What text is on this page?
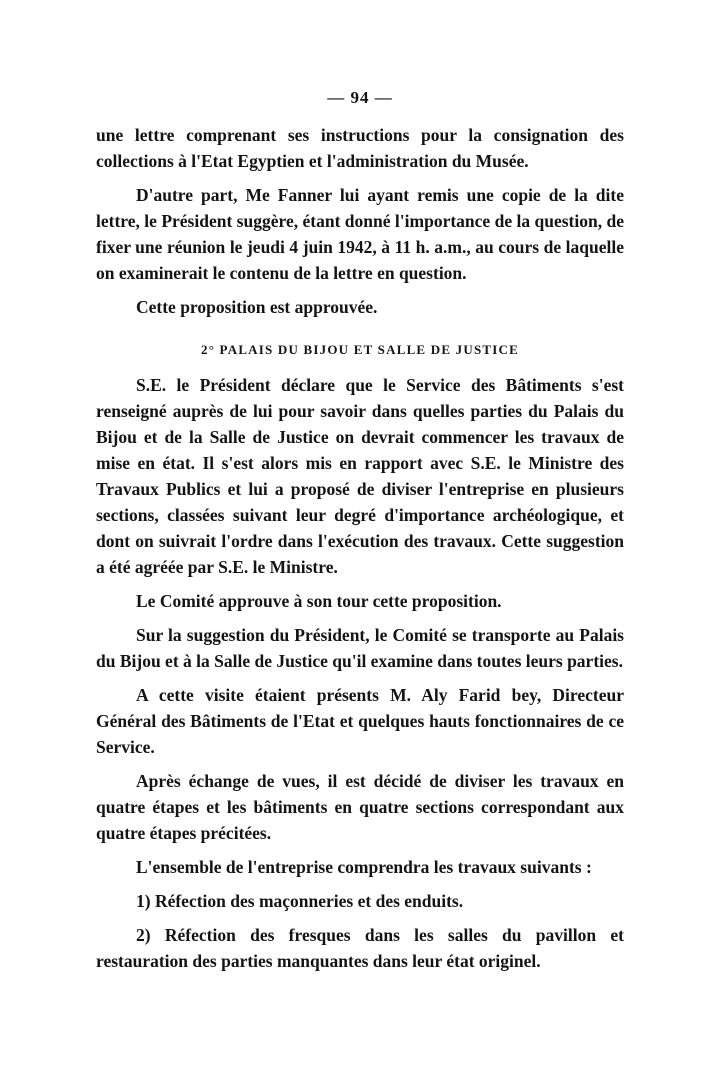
— 94 —

une lettre comprenant ses instructions pour la consignation des collections à l'Etat Egyptien et l'administration du Musée.

D'autre part, Me Fanner lui ayant remis une copie de la dite lettre, le Président suggère, étant donné l'importance de la question, de fixer une réunion le jeudi 4 juin 1942, à 11 h. a.m., au cours de laquelle on examinerait le contenu de la lettre en question.

Cette proposition est approuvée.

2° PALAIS DU BIJOU ET SALLE DE JUSTICE

S.E. le Président déclare que le Service des Bâtiments s'est renseigné auprès de lui pour savoir dans quelles parties du Palais du Bijou et de la Salle de Justice on devrait commencer les travaux de mise en état. Il s'est alors mis en rapport avec S.E. le Ministre des Travaux Publics et lui a proposé de diviser l'entreprise en plusieurs sections, classées suivant leur degré d'importance archéologique, et dont on suivrait l'ordre dans l'exécution des travaux. Cette suggestion a été agréée par S.E. le Ministre.

Le Comité approuve à son tour cette proposition.

Sur la suggestion du Président, le Comité se transporte au Palais du Bijou et à la Salle de Justice qu'il examine dans toutes leurs parties.

A cette visite étaient présents M. Aly Farid bey, Directeur Général des Bâtiments de l'Etat et quelques hauts fonctionnaires de ce Service.

Après échange de vues, il est décidé de diviser les travaux en quatre étapes et les bâtiments en quatre sections correspondant aux quatre étapes précitées.

L'ensemble de l'entreprise comprendra les travaux suivants :

1) Réfection des maçonneries et des enduits.

2) Réfection des fresques dans les salles du pavillon et restauration des parties manquantes dans leur état originel.
